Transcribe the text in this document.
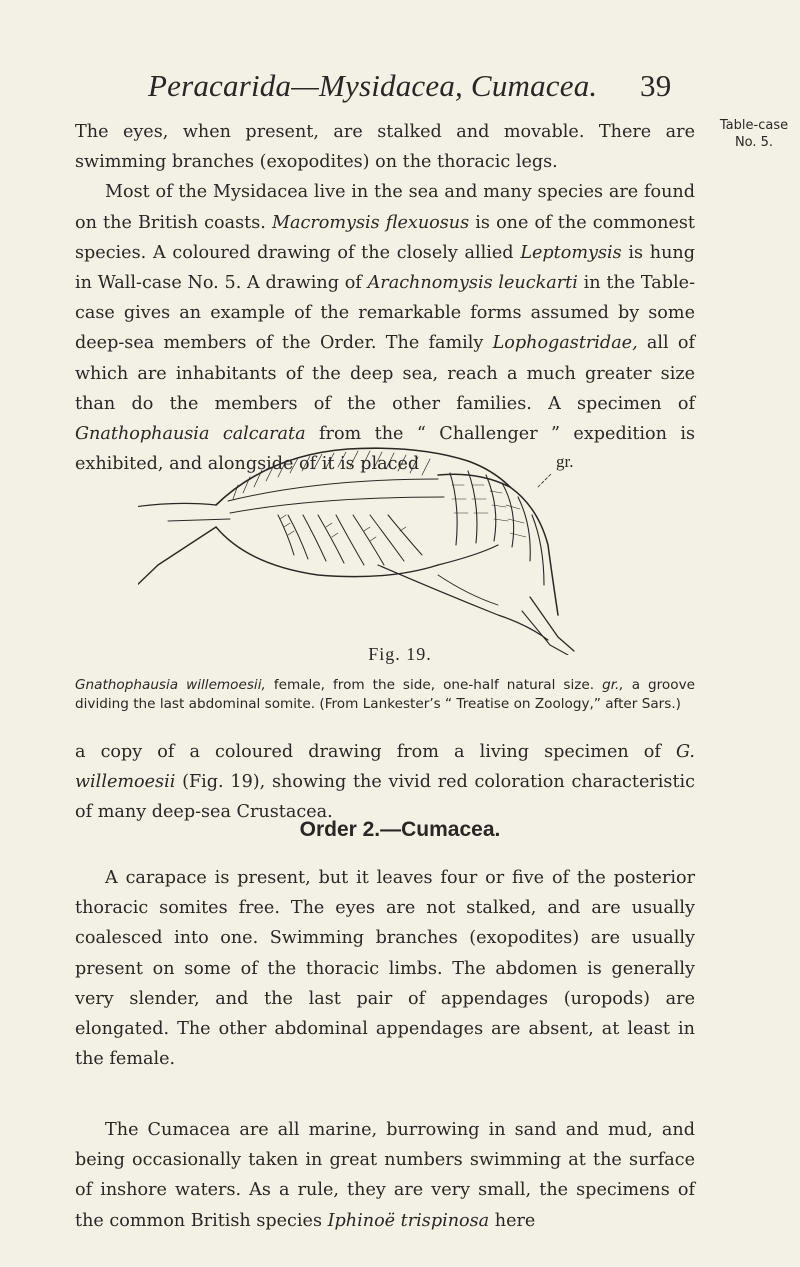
Peracarida—Mysidacea, Cumacea. 39
Table-case
No. 5.
The eyes, when present, are stalked and movable. There are swimming branches (exopodites) on the thoracic legs.
Most of the Mysidacea live in the sea and many species are found on the British coasts. Macromysis flexuosus is one of the commonest species. A coloured drawing of the closely allied Leptomysis is hung in Wall-case No. 5. A drawing of Arachnomysis leuckarti in the Table-case gives an example of the remarkable forms assumed by some deep-sea members of the Order. The family Lophogastridae, all of which are inhabitants of the deep sea, reach a much greater size than do the members of the other families. A specimen of Gnathophausia calcarata from the “ Challenger ” expedition is exhibited, and alongside of it is placed	gr.
Fig. 19.
Gnathophausia willemoesii, female, from the side, one-half natural size. gr., a groove dividing the last abdominal somite. (From Lankester’s “ Treatise on Zoology,” after Sars.)
a copy of a coloured drawing from a living specimen of G. willemoesii (Fig. 19), showing the vivid red coloration characteristic of many deep-sea Crustacea.
Order 2.—Cumacea.
A carapace is present, but it leaves four or five of the posterior thoracic somites free. The eyes are not stalked, and are usually coalesced into one. Swimming branches (exopodites) are usually present on some of the thoracic limbs. The abdomen is generally very slender, and the last pair of appendages (uropods) are elongated. The other abdominal appendages are absent, at least in the female.
The Cumacea are all marine, burrowing in sand and mud, and being occasionally taken in great numbers swimming at the surface of inshore waters. As a rule, they are very small, the specimens of the common British species Iphinoë trispinosa here
